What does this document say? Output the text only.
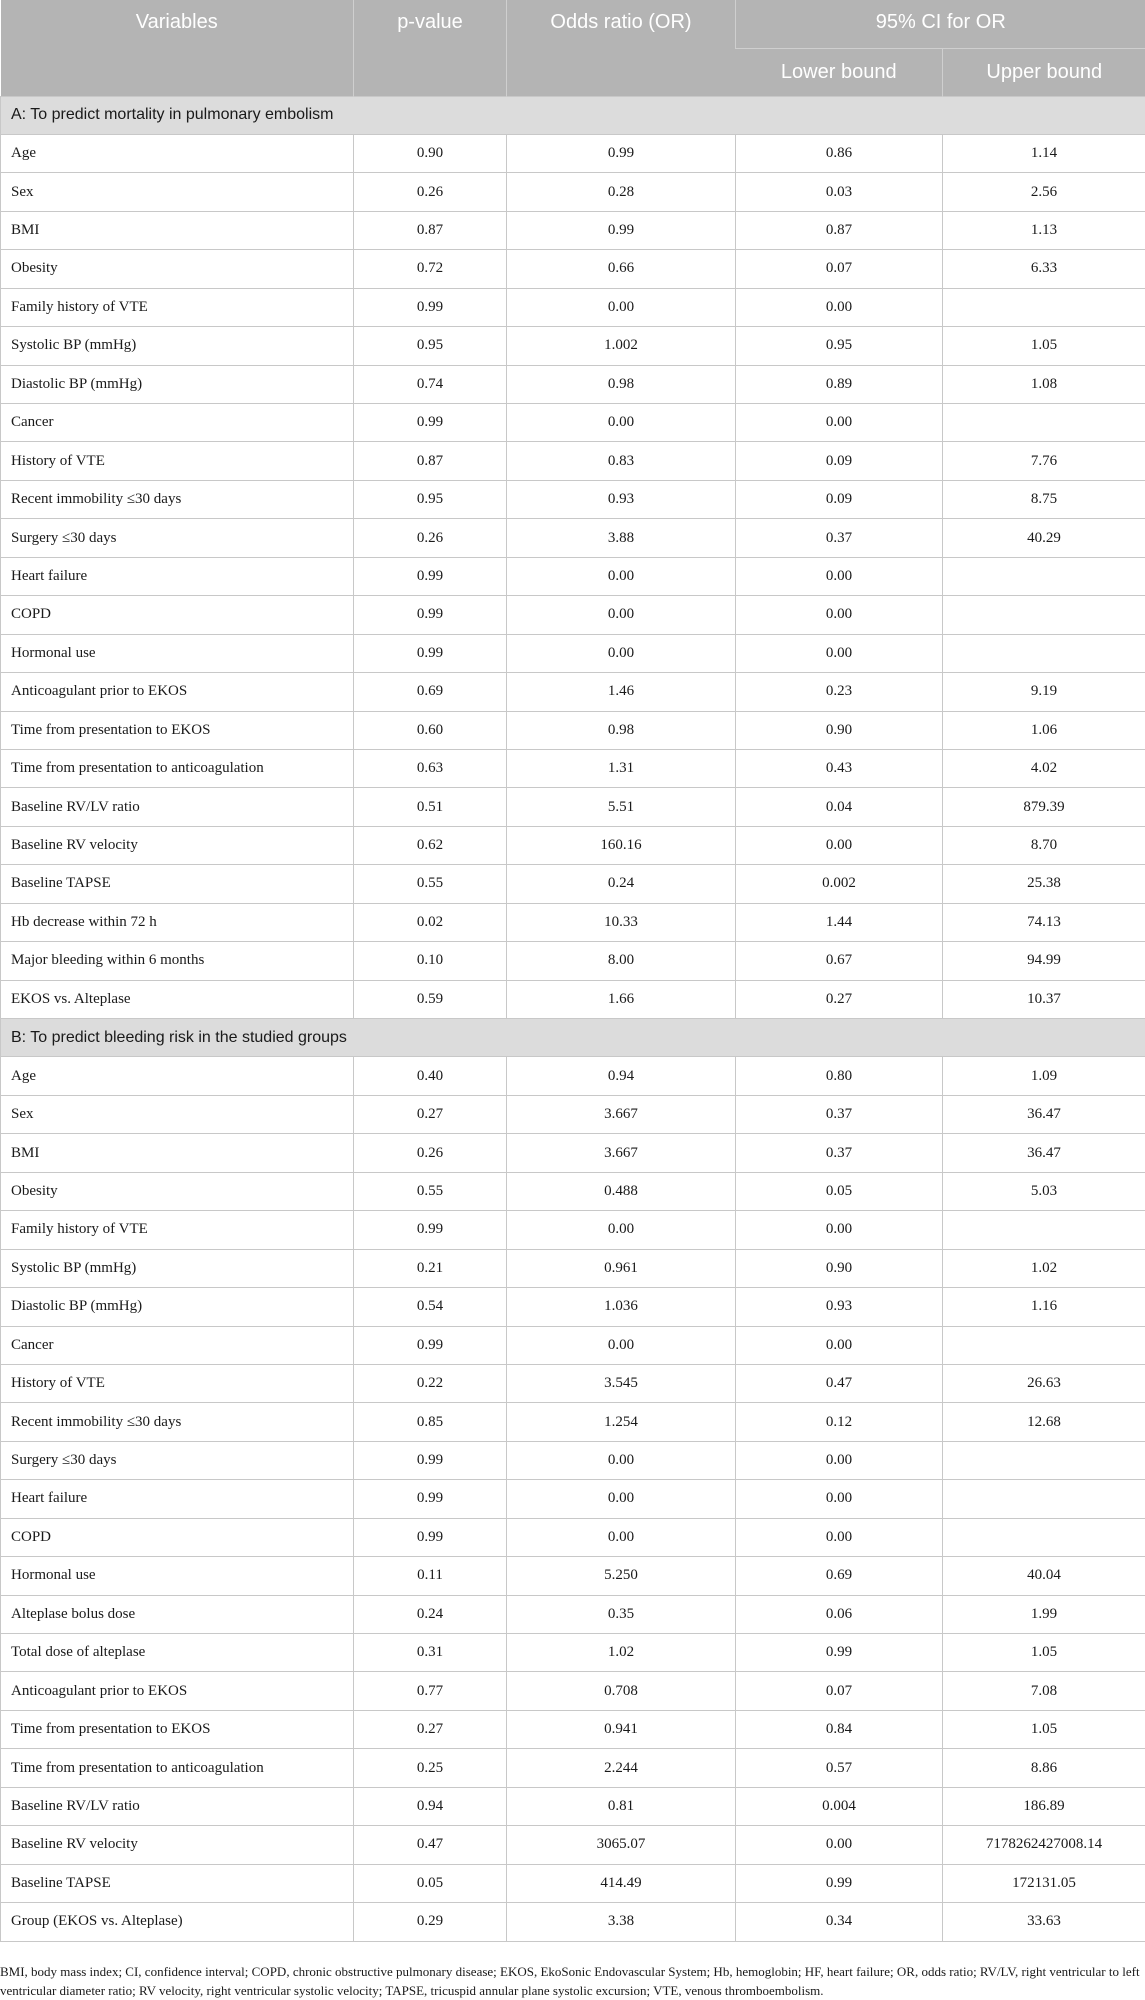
Variables	p-value	Odds ratio (OR)	95% CI for OR	
			Lower bound	Upper bound
A: To predict mortality in pulmonary embolism				
Age	0.90	0.99	0.86	1.14
Sex	0.26	0.28	0.03	2.56
BMI	0.87	0.99	0.87	1.13
Obesity	0.72	0.66	0.07	6.33
Family history of VTE	0.99	0.00	0.00	
Systolic BP (mmHg)	0.95	1.002	0.95	1.05
Diastolic BP (mmHg)	0.74	0.98	0.89	1.08
Cancer	0.99	0.00	0.00	
History of VTE	0.87	0.83	0.09	7.76
Recent immobility ≤30 days	0.95	0.93	0.09	8.75
Surgery ≤30 days	0.26	3.88	0.37	40.29
Heart failure	0.99	0.00	0.00	
COPD	0.99	0.00	0.00	
Hormonal use	0.99	0.00	0.00	
Anticoagulant prior to EKOS	0.69	1.46	0.23	9.19
Time from presentation to EKOS	0.60	0.98	0.90	1.06
Time from presentation to anticoagulation	0.63	1.31	0.43	4.02
Baseline RV/LV ratio	0.51	5.51	0.04	879.39
Baseline RV velocity	0.62	160.16	0.00	8.70
Baseline TAPSE	0.55	0.24	0.002	25.38
Hb decrease within 72 h	0.02	10.33	1.44	74.13
Major bleeding within 6 months	0.10	8.00	0.67	94.99
EKOS vs. Alteplase	0.59	1.66	0.27	10.37
B: To predict bleeding risk in the studied groups				
Age	0.40	0.94	0.80	1.09
Sex	0.27	3.667	0.37	36.47
BMI	0.26	3.667	0.37	36.47
Obesity	0.55	0.488	0.05	5.03
Family history of VTE	0.99	0.00	0.00	
Systolic BP (mmHg)	0.21	0.961	0.90	1.02
Diastolic BP (mmHg)	0.54	1.036	0.93	1.16
Cancer	0.99	0.00	0.00	
History of VTE	0.22	3.545	0.47	26.63
Recent immobility ≤30 days	0.85	1.254	0.12	12.68
Surgery ≤30 days	0.99	0.00	0.00	
Heart failure	0.99	0.00	0.00	
COPD	0.99	0.00	0.00	
Hormonal use	0.11	5.250	0.69	40.04
Alteplase bolus dose	0.24	0.35	0.06	1.99
Total dose of alteplase	0.31	1.02	0.99	1.05
Anticoagulant prior to EKOS	0.77	0.708	0.07	7.08
Time from presentation to EKOS	0.27	0.941	0.84	1.05
Time from presentation to anticoagulation	0.25	2.244	0.57	8.86
Baseline RV/LV ratio	0.94	0.81	0.004	186.89
Baseline RV velocity	0.47	3065.07	0.00	7178262427008.14
Baseline TAPSE	0.05	414.49	0.99	172131.05
Group (EKOS vs. Alteplase)	0.29	3.38	0.34	33.63

BMI, body mass index; CI, confidence interval; COPD, chronic obstructive pulmonary disease; EKOS, EkoSonic Endovascular System; Hb, hemoglobin; HF, heart failure; OR, odds ratio; RV/LV, right ventricular to left ventricular diameter ratio; RV velocity, right ventricular systolic velocity; TAPSE, tricuspid annular plane systolic excursion; VTE, venous thromboembolism.
